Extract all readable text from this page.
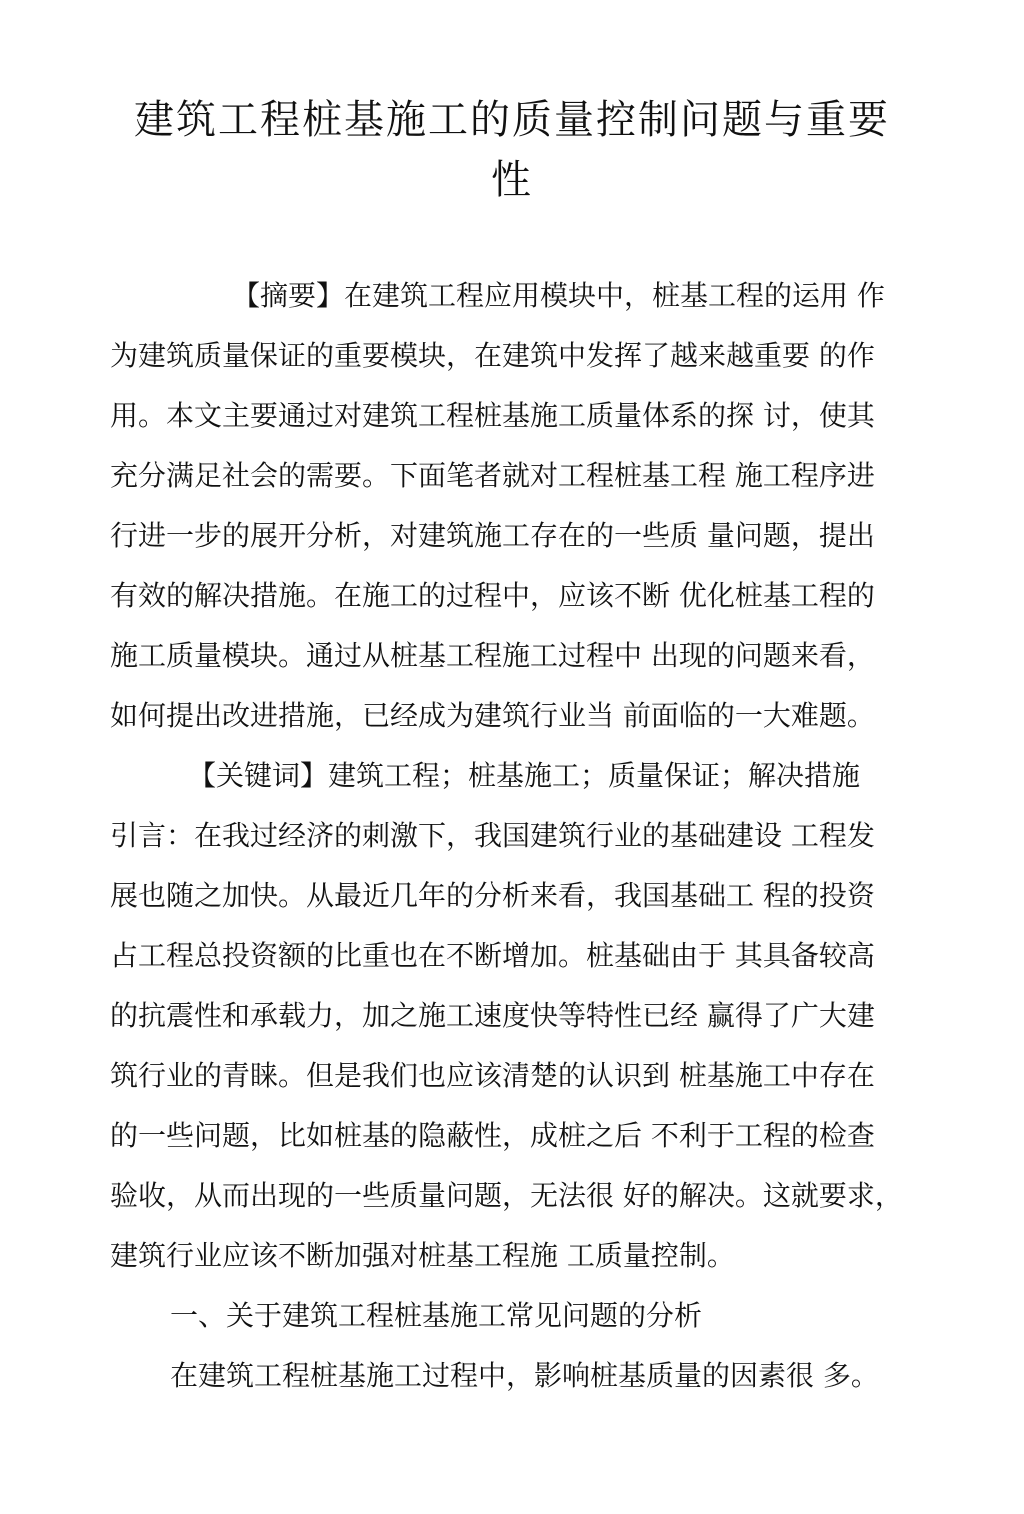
建筑工程桩基施工的质量控制问题与重要
性

【摘要】在建筑工程应用模块中，桩基工程的运用 作

为建筑质量保证的重要模块，在建筑中发挥了越来越重要 的作

用。本文主要通过对建筑工程桩基施工质量体系的探 讨，使其

充分满足社会的需要。下面笔者就对工程桩基工程 施工程序进

行进一步的展开分析，对建筑施工存在的一些质 量问题，提出

有效的解决措施。在施工的过程中，应该不断 优化桩基工程的

施工质量模块。通过从桩基工程施工过程中 出现的问题来看，

如何提出改进措施，已经成为建筑行业当 前面临的一大难题。

【关键词】建筑工程；桩基施工；质量保证；解决措施

引言：在我过经济的刺激下，我国建筑行业的基础建设 工程发

展也随之加快。从最近几年的分析来看，我国基础工 程的投资

占工程总投资额的比重也在不断增加。桩基础由于 其具备较高

的抗震性和承载力，加之施工速度快等特性已经 赢得了广大建

筑行业的青睐。但是我们也应该清楚的认识到 桩基施工中存在

的一些问题，比如桩基的隐蔽性，成桩之后 不利于工程的检查

验收，从而出现的一些质量问题，无法很 好的解决。这就要求，

建筑行业应该不断加强对桩基工程施 工质量控制。

一、关于建筑工程桩基施工常见问题的分析

在建筑工程桩基施工过程中，影响桩基质量的因素很 多。
